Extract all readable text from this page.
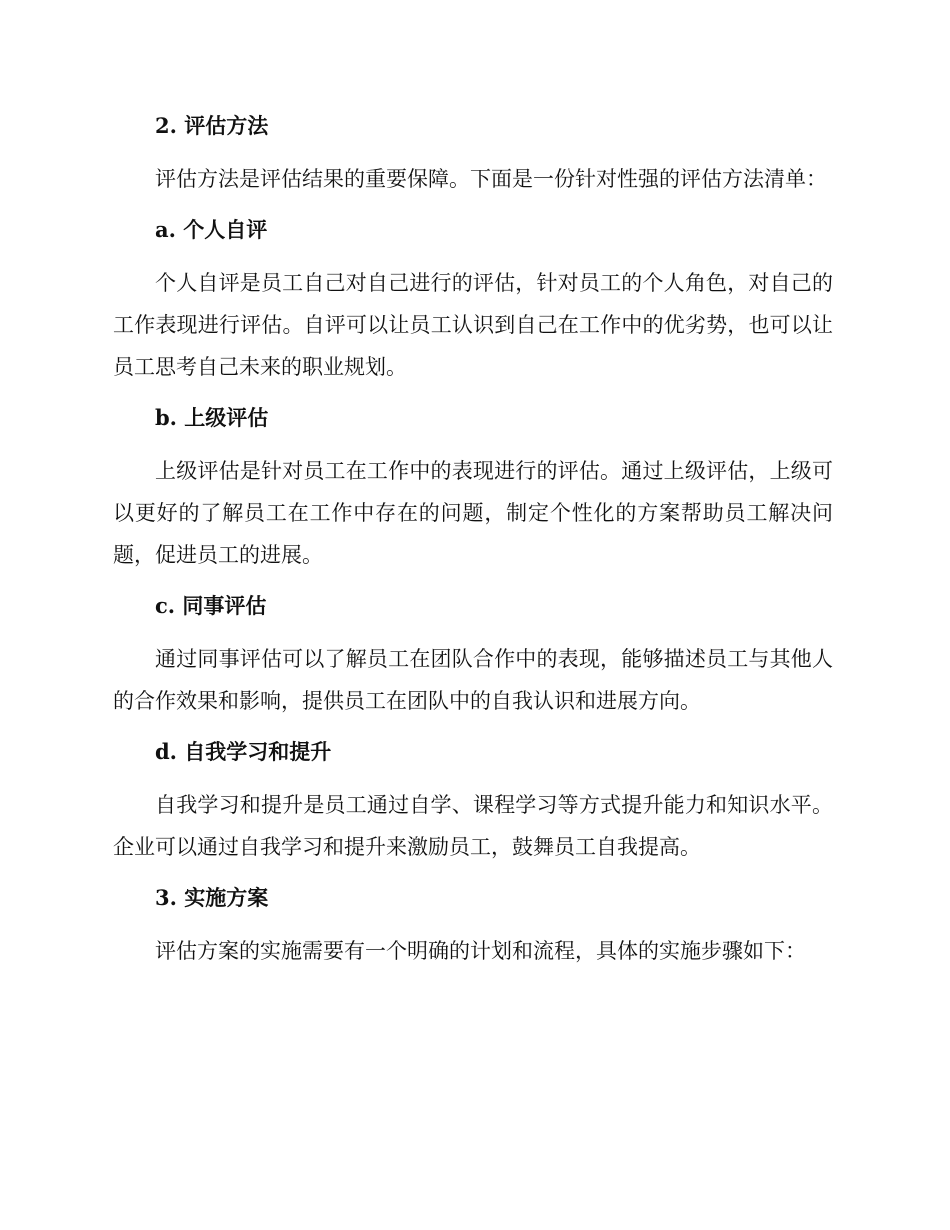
2. 评估方法

评估方法是评估结果的重要保障。下面是一份针对性强的评估方法清单：

a. 个人自评

个人自评是员工自己对自己进行的评估，针对员工的个人角色，对自己的工作表现进行评估。自评可以让员工认识到自己在工作中的优劣势，也可以让员工思考自己未来的职业规划。

b. 上级评估

上级评估是针对员工在工作中的表现进行的评估。通过上级评估，上级可以更好的了解员工在工作中存在的问题，制定个性化的方案帮助员工解决问题，促进员工的进展。

c. 同事评估

通过同事评估可以了解员工在团队合作中的表现，能够描述员工与其他人的合作效果和影响，提供员工在团队中的自我认识和进展方向。

d. 自我学习和提升

自我学习和提升是员工通过自学、课程学习等方式提升能力和知识水平。企业可以通过自我学习和提升来激励员工，鼓舞员工自我提高。

3. 实施方案

评估方案的实施需要有一个明确的计划和流程，具体的实施步骤如下：
